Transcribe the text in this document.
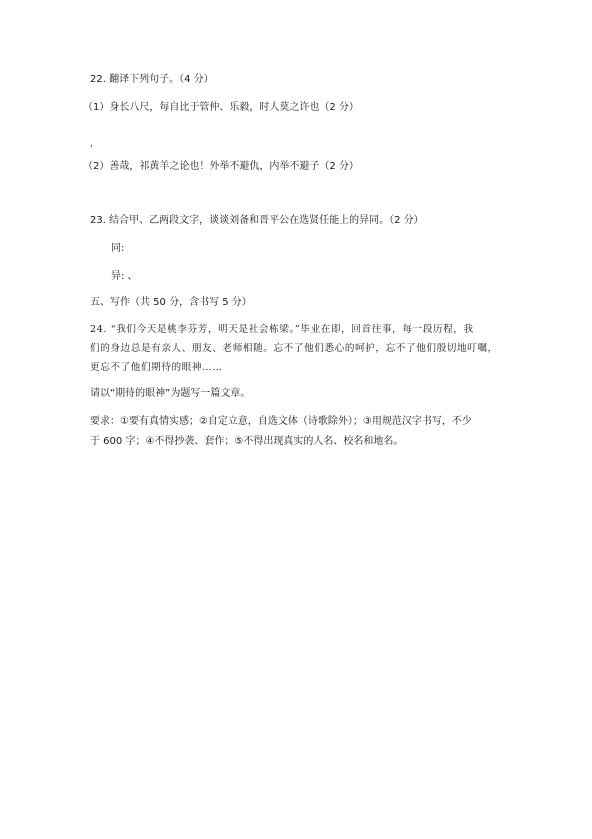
22. 翻译下列句子。（4 分）
（1）身长八尺，每自比于管仲、乐毅，时人莫之许也（2 分）
，
（2）善哉，祁黄羊之论也！外举不避仇，内举不避子（2 分）
23. 结合甲、乙两段文字，谈谈刘备和晋平公在选贤任能上的异同。（2 分）
同:
异: 、
五、写作（共 50 分，含书写 5 分）
24. “我们今天是桃李芬芳，明天是社会栋梁。”毕业在即，回首往事，每一段历程，我
们的身边总是有亲人、朋友、老师相随。忘不了他们悉心的呵护，忘不了他们殷切地叮嘱，
更忘不了他们期待的眼神……
请以“期待的眼神”为题写一篇文章。
要求：①要有真情实感；②自定立意，自选文体（诗歌除外）；③用规范汉字书写，不少
于 600 字；④不得抄袭、套作；⑤不得出现真实的人名、校名和地名。
